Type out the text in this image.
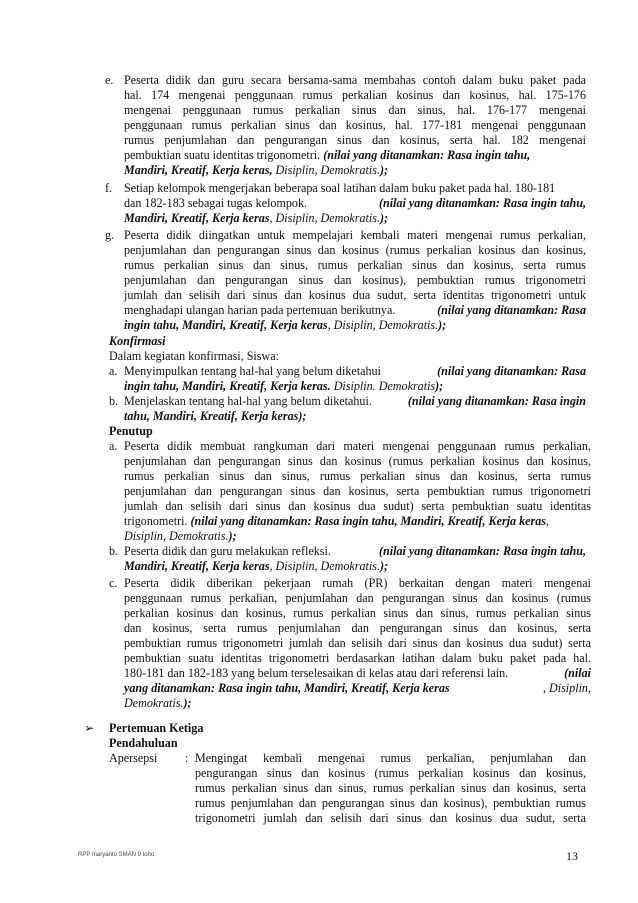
e. Peserta didik dan guru secara bersama-sama membahas contoh dalam buku paket pada
hal. 174 mengenai penggunaan rumus perkalian kosinus dan kosinus, hal. 175-176
mengenai penggunaan rumus perkalian sinus dan sinus, hal. 176-177 mengenai
penggunaan rumus perkalian sinus dan kosinus, hal. 177-181 mengenai penggunaan
rumus penjumlahan dan pengurangan sinus dan kosinus, serta hal. 182 mengenai
pembuktian suatu identitas trigonometri. (nilai yang ditanamkan: Rasa ingin tahu,
Mandiri, Kreatif, Kerja keras, Disiplin, Demokratis.);
f. Setiap kelompok mengerjakan beberapa soal latihan dalam buku paket pada hal. 180-181
dan 182-183 sebagai tugas kelompok.	(nilai yang ditanamkan: Rasa ingin tahu,
Mandiri, Kreatif, Kerja keras, Disiplin, Demokratis.);
g. Peserta didik diingatkan untuk mempelajari kembali materi mengenai rumus perkalian,
penjumlahan dan pengurangan sinus dan kosinus (rumus perkalian kosinus dan kosinus,
rumus perkalian sinus dan sinus, rumus perkalian sinus dan kosinus, serta rumus
penjumlahan dan pengurangan sinus dan kosinus), pembuktian rumus trigonometri
jumlah dan selisih dari sinus dan kosinus dua sudut, serta identitas trigonometri untuk
menghadapi ulangan harian pada pertemuan berikutnya.	(nilai yang ditanamkan: Rasa
ingin tahu, Mandiri, Kreatif, Kerja keras, Disiplin, Demokratis.);
Konfirmasi
Dalam kegiatan konfirmasi, Siswa:
a. Menyimpulkan tentang hal-hal yang belum diketahui	(nilai yang ditanamkan: Rasa
ingin tahu, Mandiri, Kreatif, Kerja keras. Disiplin. Demokratis);
b. Menjelaskan tentang hal-hal yang belum diketahui.	(nilai yang ditanamkan: Rasa ingin
tahu, Mandiri, Kreatif, Kerja keras);
Penutup
a. Peserta didik membuat rangkuman dari materi mengenai penggunaan rumus perkalian,
penjumlahan dan pengurangan sinus dan kosinus (rumus perkalian kosinus dan kosinus,
rumus perkalian sinus dan sinus, rumus perkalian sinus dan kosinus, serta rumus
penjumlahan dan pengurangan sinus dan kosinus, serta pembuktian rumus trigonometri
jumlah dan selisih dari sinus dan kosinus dua sudut) serta pembuktian suatu identitas
trigonometri. (nilai yang ditanamkan: Rasa ingin tahu, Mandiri, Kreatif, Kerja keras,
Disiplin, Demokratis.);
b. Peserta didik dan guru melakukan refleksi.	(nilai yang ditanamkan: Rasa ingin tahu,
Mandiri, Kreatif, Kerja keras, Disiplin, Demokratis.);
c. Peserta didik diberikan pekerjaan rumah (PR) berkaitan dengan materi mengenai
penggunaan rumus perkalian, penjumlahan dan pengurangan sinus dan kosinus (rumus
perkalian kosinus dan kosinus, rumus perkalian sinus dan sinus, rumus perkalian sinus
dan kosinus, serta rumus penjumlahan dan pengurangan sinus dan kosinus, serta
pembuktian rumus trigonometri jumlah dan selisih dari sinus dan kosinus dua sudut) serta
pembuktian suatu identitas trigonometri berdasarkan latihan dalam buku paket pada hal.
180-181 dan 182-183 yang belum terselesaikan di kelas atau dari referensi lain.	(nilai
yang ditanamkan: Rasa ingin tahu, Mandiri, Kreatif, Kerja keras	, Disiplin,
Demokratis.);
➢ Pertemuan Ketiga
Pendahuluan
Apersepsi : Mengingat kembali mengenai rumus perkalian, penjumlahan dan
pengurangan sinus dan kosinus (rumus perkalian kosinus dan kosinus,
rumus perkalian sinus dan sinus, rumus perkalian sinus dan kosinus, serta
rumus penjumlahan dan pengurangan sinus dan kosinus), pembuktian rumus
trigonometri jumlah dan selisih dari sinus dan kosinus dua sudut, serta
RPP maryanto SMAN 9 toho	13
